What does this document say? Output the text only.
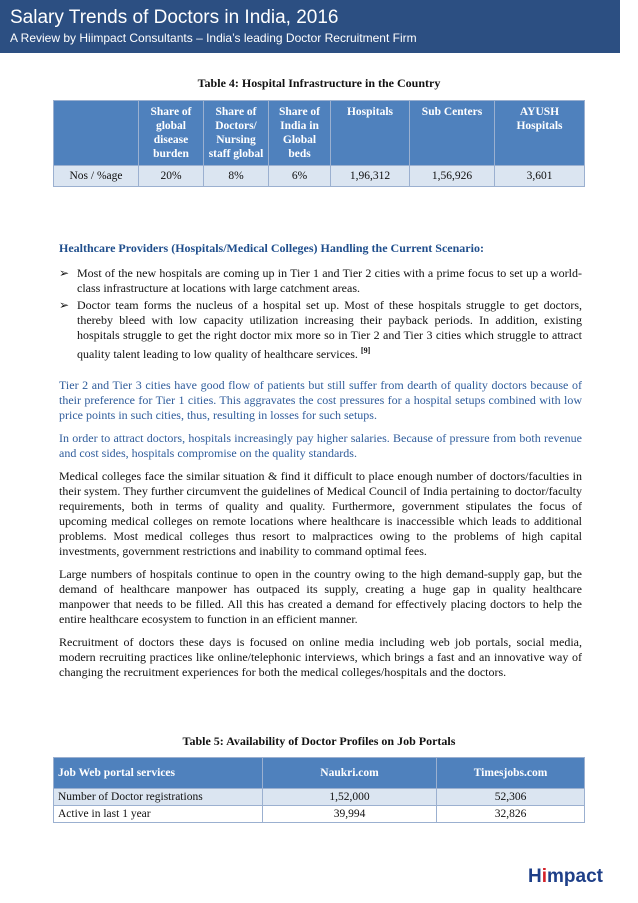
Salary Trends of Doctors in India, 2016
A Review by Hiimpact Consultants – India’s leading Doctor Recruitment Firm
Table 4: Hospital Infrastructure in the Country
	Share of global disease burden	Share of Doctors/ Nursing staff global	Share of India in Global beds	Hospitals	Sub Centers	AYUSH Hospitals
Nos / %age	20%	8%	6%	1,96,312	1,56,926	3,601
Healthcare Providers (Hospitals/Medical Colleges) Handling the Current Scenario:
➢ Most of the new hospitals are coming up in Tier 1 and Tier 2 cities with a prime focus to set up a world-class infrastructure at locations with large catchment areas.
➢ Doctor team forms the nucleus of a hospital set up. Most of these hospitals struggle to get doctors, thereby bleed with low capacity utilization increasing their payback periods. In addition, existing hospitals struggle to get the right doctor mix more so in Tier 2 and Tier 3 cities which struggle to attract quality talent leading to low quality of healthcare services. [9]

Tier 2 and Tier 3 cities have good flow of patients but still suffer from dearth of quality doctors because of their preference for Tier 1 cities. This aggravates the cost pressures for a hospital setups combined with low price points in such cities, thus, resulting in losses for such setups.

In order to attract doctors, hospitals increasingly pay higher salaries. Because of pressure from both revenue and cost sides, hospitals compromise on the quality standards.

Medical colleges face the similar situation & find it difficult to place enough number of doctors/faculties in their system. They further circumvent the guidelines of Medical Council of India pertaining to doctor/faculty requirements, both in terms of quality and quality. Furthermore, government stipulates the focus of upcoming medical colleges on remote locations where healthcare is inaccessible which leads to additional problems. Most medical colleges thus resort to malpractices owing to the problems of high capital investments, government restrictions and inability to command optimal fees.

Large numbers of hospitals continue to open in the country owing to the high demand-supply gap, but the demand of healthcare manpower has outpaced its supply, creating a huge gap in quality healthcare manpower that needs to be filled. All this has created a demand for effectively placing doctors to help the entire healthcare ecosystem to function in an efficient manner.

Recruitment of doctors these days is focused on online media including web job portals, social media, modern recruiting practices like online/telephonic interviews, which brings a fast and an innovative way of changing the recruitment experiences for both the medical colleges/hospitals and the doctors.

Table 5: Availability of Doctor Profiles on Job Portals
Job Web portal services	Naukri.com	Timesjobs.com
Number of Doctor registrations	1,52,000	52,306
Active in last 1 year	39,994	32,826
Himpact
